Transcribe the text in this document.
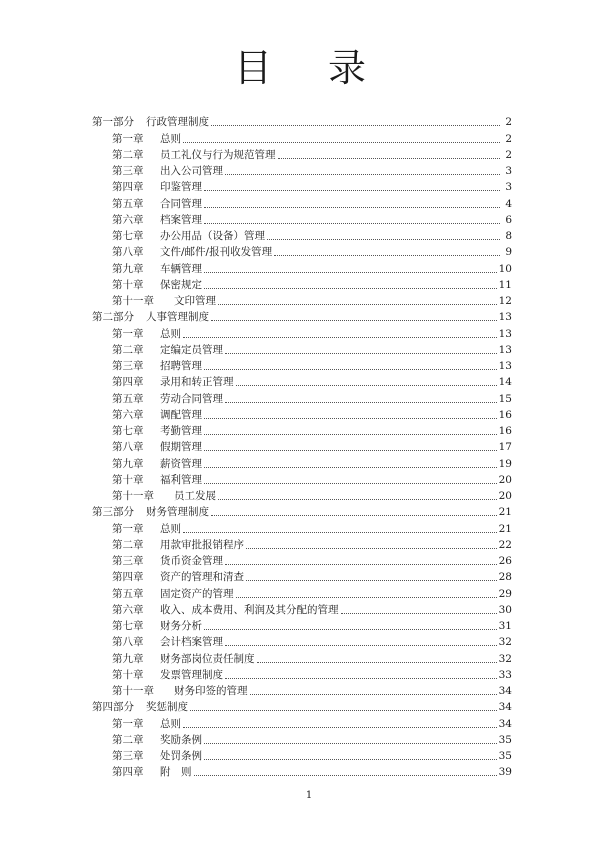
目 录
第一部分 行政管理制度	2
第一章 总则	2
第二章 员工礼仪与行为规范管理	2
第三章 出入公司管理	3
第四章 印鉴管理	3
第五章 合同管理	4
第六章 档案管理	6
第七章 办公用品（设备）管理	8
第八章 文件/邮件/报刊收发管理	9
第九章 车辆管理	10
第十章 保密规定	11
第十一章 文印管理	12
第二部分 人事管理制度	13
第一章 总则	13
第二章 定编定员管理	13
第三章 招聘管理	13
第四章 录用和转正管理	14
第五章 劳动合同管理	15
第六章 调配管理	16
第七章 考勤管理	16
第八章 假期管理	17
第九章 薪资管理	19
第十章 福利管理	20
第十一章 员工发展	20
第三部分 财务管理制度	21
第一章 总则	21
第二章 用款审批报销程序	22
第三章 货币资金管理	26
第四章 资产的管理和清查	28
第五章 固定资产的管理	29
第六章 收入、成本费用、利润及其分配的管理	30
第七章 财务分析	31
第八章 会计档案管理	32
第九章 财务部岗位责任制度	32
第十章 发票管理制度	33
第十一章 财务印签的管理	34
第四部分 奖惩制度	34
第一章 总则	34
第二章 奖励条例	35
第三章 处罚条例	35
第四章 附　则	39
1
